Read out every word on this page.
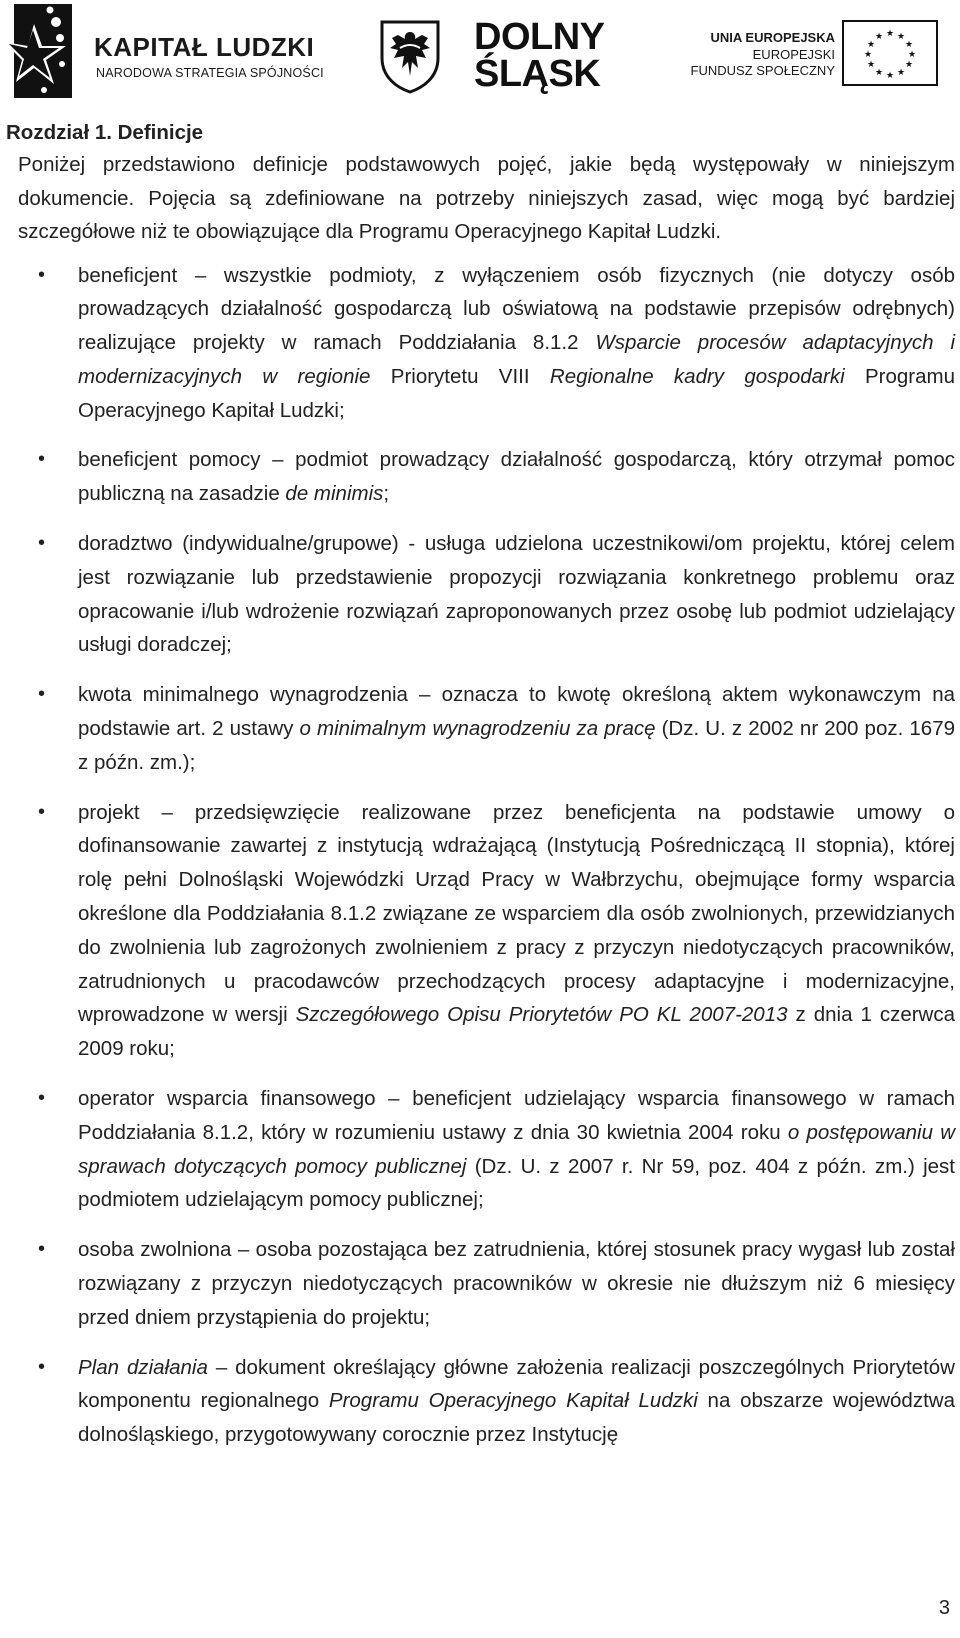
KAPITAŁ LUDZKI
NARODOWA STRATEGIA SPÓJNOŚCI
DOLNY
ŚLĄSK
UNIA EUROPEJSKA
EUROPEJSKI
FUNDUSZ SPOŁECZNY
★ ★
★
★
★
★
★
★
★
★
★
★
Rozdział 1. Definicje

Poniżej przedstawiono definicje podstawowych pojęć, jakie będą występowały w niniejszym dokumencie. Pojęcia są zdefiniowane na potrzeby niniejszych zasad, więc mogą być bardziej szczegółowe niż te obowiązujące dla Programu Operacyjnego Kapitał Ludzki.

• beneficjent – wszystkie podmioty, z wyłączeniem osób fizycznych (nie dotyczy osób prowadzących działalność gospodarczą lub oświatową na podstawie przepisów odrębnych) realizujące projekty w ramach Poddziałania 8.1.2 Wsparcie procesów adaptacyjnych i modernizacyjnych w regionie Priorytetu VIII Regionalne kadry gospodarki Programu Operacyjnego Kapitał Ludzki;
• beneficjent pomocy – podmiot prowadzący działalność gospodarczą, który otrzymał pomoc publiczną na zasadzie de minimis;
• doradztwo (indywidualne/grupowe) - usługa udzielona uczestnikowi/om projektu, której celem jest rozwiązanie lub przedstawienie propozycji rozwiązania konkretnego problemu oraz opracowanie i/lub wdrożenie rozwiązań zaproponowanych przez osobę lub podmiot udzielający usługi doradczej;
• kwota minimalnego wynagrodzenia – oznacza to kwotę określoną aktem wykonawczym na podstawie art. 2 ustawy o minimalnym wynagrodzeniu za pracę (Dz. U. z 2002 nr 200 poz. 1679 z późn. zm.);
• projekt – przedsięwzięcie realizowane przez beneficjenta na podstawie umowy o dofinansowanie zawartej z instytucją wdrażającą (Instytucją Pośredniczącą II stopnia), której rolę pełni Dolnośląski Wojewódzki Urząd Pracy w Wałbrzychu, obejmujące formy wsparcia określone dla Poddziałania 8.1.2 związane ze wsparciem dla osób zwolnionych, przewidzianych do zwolnienia lub zagrożonych zwolnieniem z pracy z przyczyn niedotyczących pracowników, zatrudnionych u pracodawców przechodzących procesy adaptacyjne i modernizacyjne, wprowadzone w wersji Szczegółowego Opisu Priorytetów PO KL 2007-2013 z dnia 1 czerwca 2009 roku;
• operator wsparcia finansowego – beneficjent udzielający wsparcia finansowego w ramach Poddziałania 8.1.2, który w rozumieniu ustawy z dnia 30 kwietnia 2004 roku o postępowaniu w sprawach dotyczących pomocy publicznej (Dz. U. z 2007 r. Nr 59, poz. 404 z późn. zm.) jest podmiotem udzielającym pomocy publicznej;
• osoba zwolniona – osoba pozostająca bez zatrudnienia, której stosunek pracy wygasł lub został rozwiązany z przyczyn niedotyczących pracowników w okresie nie dłuższym niż 6 miesięcy przed dniem przystąpienia do projektu;
• Plan działania – dokument określający główne założenia realizacji poszczególnych Priorytetów komponentu regionalnego Programu Operacyjnego Kapitał Ludzki na obszarze województwa dolnośląskiego, przygotowywany corocznie przez Instytucję
3
